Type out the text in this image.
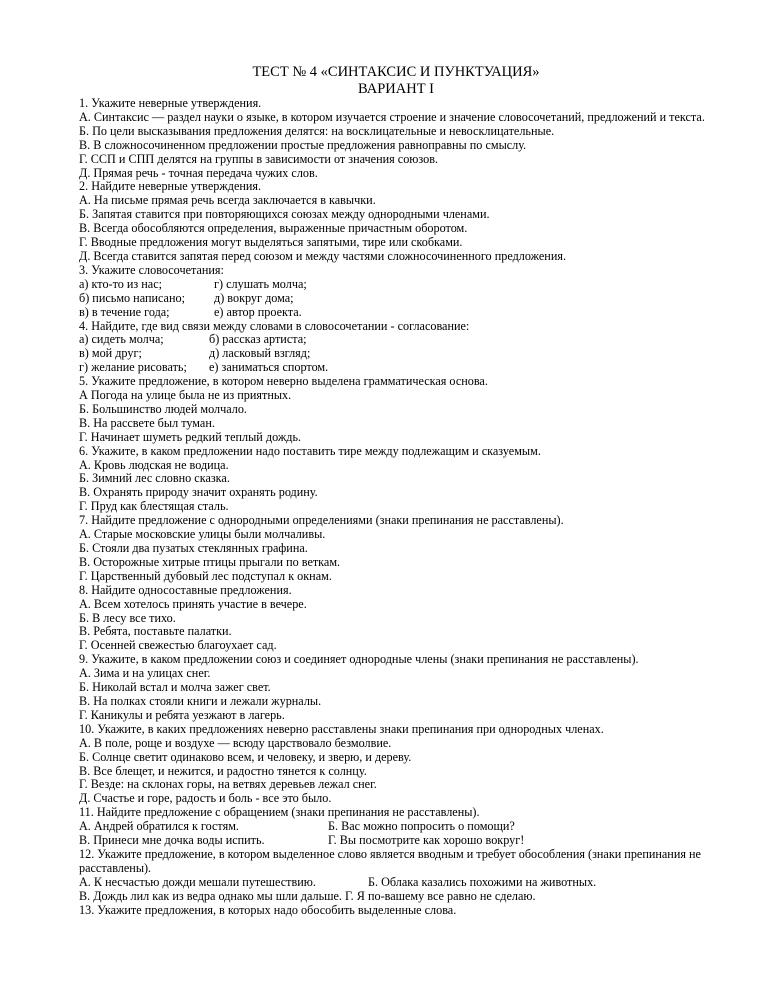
ТЕСТ № 4 «СИНТАКСИС И ПУНКТУАЦИЯ»
ВАРИАНТ I
1. Укажите неверные утверждения.
А. Синтаксис — раздел науки о языке, в котором изучается строение и значение словосочетаний, предложений и текста.
Б. По цели высказывания предложения делятся: на восклицательные и невосклицательные.
В. В сложносочиненном предложении простые предложения равноправны по смыслу.
Г. ССП и СПП делятся на группы в зависимости от значения союзов.
Д. Прямая речь - точная передача чужих слов.
2. Найдите неверные утверждения.
А. На письме прямая речь всегда заключается в кавычки.
Б. Запятая ставится при повторяющихся союзах между однородными членами.
В. Всегда обособляются определения, выраженные причастным оборотом.
Г. Вводные предложения могут выделяться запятыми, тире или скобками.
Д. Всегда ставится запятая перед союзом и между частями сложносочиненного предложения.
3. Укажите словосочетания:
а) кто-то из нас;	г) слушать молча;
б) письмо написано;	д) вокруг дома;
в) в течение года;	е) автор проекта.
4. Найдите, где вид связи между словами в словосочетании - согласование:
а) сидеть молча;	б) рассказ артиста;
в) мой друг;	д) ласковый взгляд;
г) желание рисовать;	е) заниматься спортом.
5. Укажите предложение, в котором неверно выделена грамматическая основа.
А Погода на улице была не из приятных.
Б. Большинство людей молчало.
В. На рассвете был туман.
Г. Начинает шуметь редкий теплый дождь.
6. Укажите, в каком предложении надо поставить тире между подлежащим и сказуемым.
А. Кровь людская не водица.
Б. Зимний лес словно сказка.
В. Охранять природу значит охранять родину.
Г. Пруд как блестящая сталь.
7. Найдите предложение с однородными определениями (знаки препинания не расставлены).
А. Старые московские улицы были молчаливы.
Б. Стояли два пузатых стеклянных графина.
В. Осторожные хитрые птицы прыгали по веткам.
Г. Царственный дубовый лес подступал к окнам.
8. Найдите односоставные предложения.
А. Всем хотелось принять участие в вечере.
Б. В лесу все тихо.
В. Ребята, поставьте палатки.
Г. Осенней свежестью благоухает сад.
9. Укажите, в каком предложении союз и соединяет однородные члены (знаки препинания не расставлены).
А. Зима и на улицах снег.
Б. Николай встал и молча зажег свет.
В. На полках стояли книги и лежали журналы.
Г. Каникулы и ребята уезжают в лагерь.
10. Укажите, в каких предложениях неверно расставлены знаки препинания при однородных членах.
А. В поле, роще и воздухе — всюду царствовало безмолвие.
Б. Солнце светит одинаково всем, и человеку, и зверю, и дереву.
В. Все блещет, и нежится, и радостно тянется к солнцу.
Г. Везде: на склонах горы, на ветвях деревьев лежал снег.
Д. Счастье и горе, радость и боль - все это было.
11. Найдите предложение с обращением (знаки препинания не расставлены).
А. Андрей обратился к гостям.	Б. Вас можно попросить о помощи?
В. Принеси мне дочка воды испить.	Г. Вы посмотрите как хорошо вокруг!
12. Укажите предложение, в котором выделенное слово является вводным и требует обособления (знаки препинания не расставлены).
А. К несчастью дожди мешали путешествию.	Б. Облака казались похожими на животных.
В. Дождь лил как из ведра однако мы шли дальше. Г. Я по-вашему все равно не сделаю.
13. Укажите предложения, в которых надо обособить выделенные слова.
